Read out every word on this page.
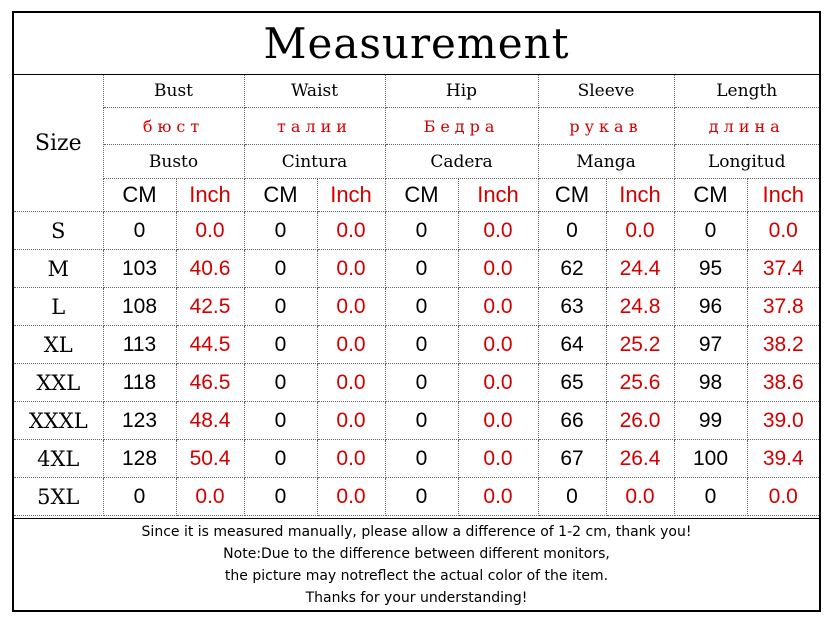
Measurement
Size	Bust		Waist		Hip		Sleeve		Length	
	бюст		талии		Бедра		рукав		длина	
	Busto		Cintura		Cadera		Manga		Longitud	
	CM	Inch	CM	Inch	CM	Inch	CM	Inch	CM	Inch
S	0	0.0	0	0.0	0	0.0	0	0.0	0	0.0
M	103	40.6	0	0.0	0	0.0	62	24.4	95	37.4
L	108	42.5	0	0.0	0	0.0	63	24.8	96	37.8
XL	113	44.5	0	0.0	0	0.0	64	25.2	97	38.2
XXL	118	46.5	0	0.0	0	0.0	65	25.6	98	38.6
XXXL	123	48.4	0	0.0	0	0.0	66	26.0	99	39.0
4XL	128	50.4	0	0.0	0	0.0	67	26.4	100	39.4
5XL	0	0.0	0	0.0	0	0.0	0	0.0	0	0.0
Since it is measured manually, please allow a difference of 1-2 cm, thank you!
Note:Due to the difference between different monitors,
the picture may notreflect the actual color of the item.
Thanks for your understanding!
